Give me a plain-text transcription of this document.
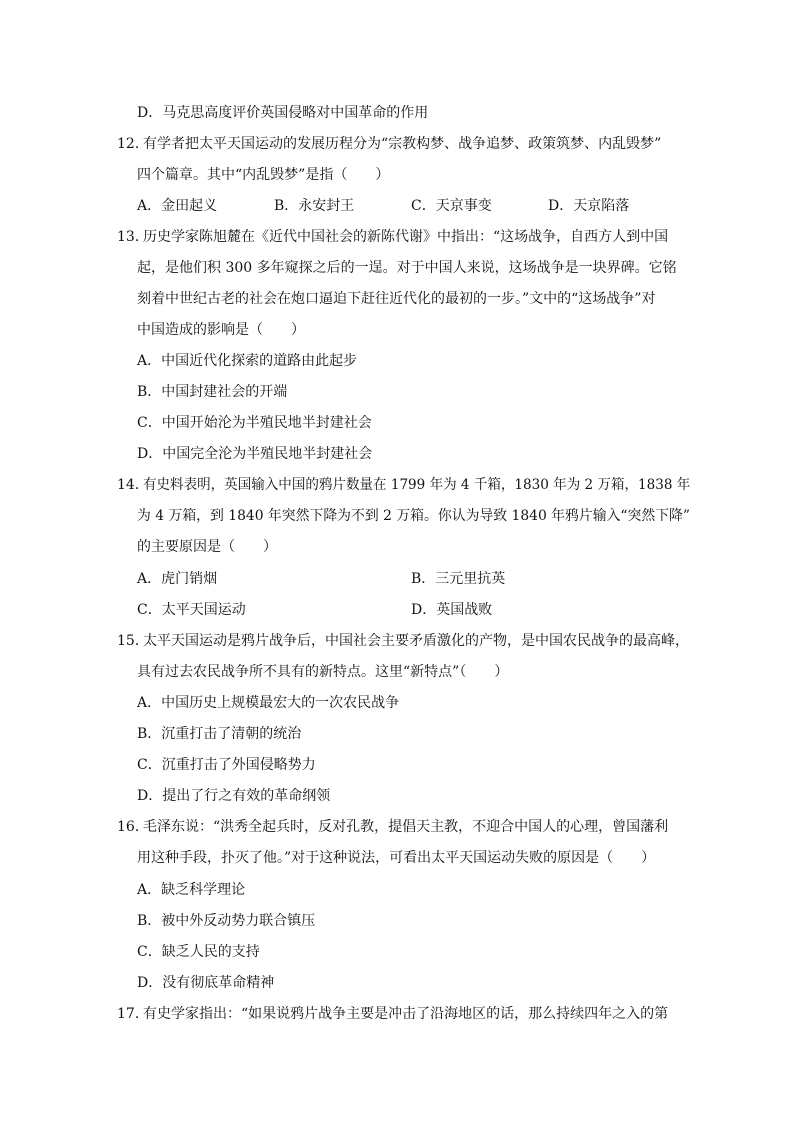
D．马克思高度评价英国侵略对中国革命的作用
12．
有学者把太平天国运动的发展历程分为“宗教构梦、战争追梦、政策筑梦、内乱毁梦”
四个篇章。其中“内乱毁梦”是指（　　）
A．金田起义	B．永安封王	C．天京事变	D．天京陷落
13．
历史学家陈旭麓在《近代中国社会的新陈代谢》中指出：“这场战争，自西方人到中国
起，是他们积 300 多年窥探之后的一逞。对于中国人来说，这场战争是一块界碑。它铭
刻着中世纪古老的社会在炮口逼迫下赶往近代化的最初的一步。”文中的“这场战争”对
中国造成的影响是（　　）
A．中国近代化探索的道路由此起步
B．中国封建社会的开端
C．中国开始沦为半殖民地半封建社会
D．中国完全沦为半殖民地半封建社会
14．
有史料表明，英国输入中国的鸦片数量在 1799 年为 4 千箱，1830 年为 2 万箱，1838 年
为 4 万箱，到 1840 年突然下降为不到 2 万箱。你认为导致 1840 年鸦片输入“突然下降”
的主要原因是（　　）
A．虎门销烟	B．三元里抗英
C．太平天国运动	D．英国战败
15．
太平天国运动是鸦片战争后，中国社会主要矛盾激化的产物，是中国农民战争的最高峰，
具有过去农民战争所不具有的新特点。这里“新特点”（　　）
A．中国历史上规模最宏大的一次农民战争
B．沉重打击了清朝的统治
C．沉重打击了外国侵略势力
D．提出了行之有效的革命纲领
16．
毛泽东说：“洪秀全起兵时，反对孔教，提倡天主教，不迎合中国人的心理，曾国藩利
用这种手段，扑灭了他。”对于这种说法，可看出太平天国运动失败的原因是（　　）
A．缺乏科学理论
B．被中外反动势力联合镇压
C．缺乏人民的支持
D．没有彻底革命精神
17．
有史学家指出：“如果说鸦片战争主要是冲击了沿海地区的话，那么持续四年之入的第
